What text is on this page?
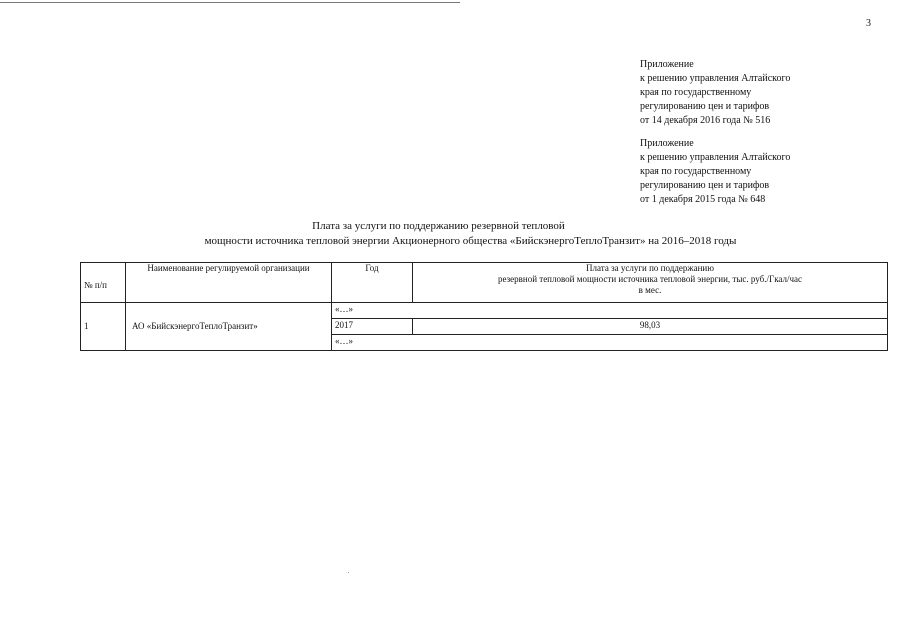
3
Приложение
к решению управления Алтайского
края по государственному
регулированию цен и тарифов
от 14 декабря 2016 года № 516
Приложение
к решению управления Алтайского
края по государственному
регулированию цен и тарифов
от 1 декабря 2015 года № 648
Плата за услуги по поддержанию резервной тепловой
мощности источника тепловой энергии Акционерного общества «БийскэнергоТеплоТранзит» на 2016–2018 годы
№ п/п	Наименование регулируемой организации	Год	Плата за услуги по поддержанию
резервной тепловой мощности источника тепловой энергии, тыс. руб./Гкал/час
в мес.

1	АО «БийскэнергоТеплоТранзит»	«…»	
		2017	98,03
		«…»	
